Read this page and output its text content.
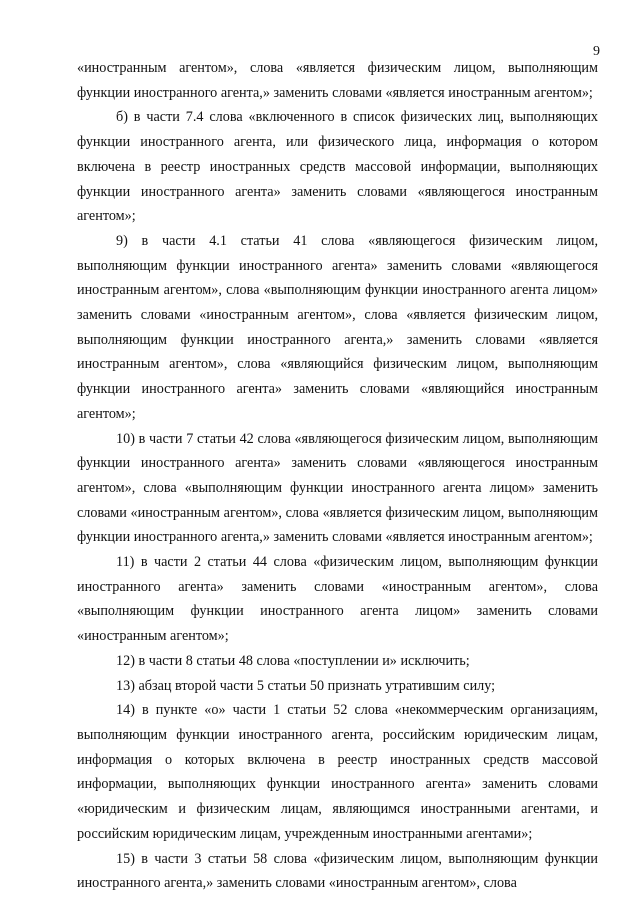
9

«иностранным агентом», слова «является физическим лицом, выполняющим функции иностранного агента,» заменить словами «является иностранным агентом»;

б) в части 7.4 слова «включенного в список физических лиц, выполняющих функции иностранного агента, или физического лица, информация о котором включена в реестр иностранных средств массовой информации, выполняющих функции иностранного агента» заменить словами «являющегося иностранным агентом»;

9) в части 4.1 статьи 41 слова «являющегося физическим лицом, выполняющим функции иностранного агента» заменить словами «являющегося иностранным агентом», слова «выполняющим функции иностранного агента лицом» заменить словами «иностранным агентом», слова «является физическим лицом, выполняющим функции иностранного агента,» заменить словами «является иностранным агентом», слова «являющийся физическим лицом, выполняющим функции иностранного агента» заменить словами «являющийся иностранным агентом»;

10) в части 7 статьи 42 слова «являющегося физическим лицом, выполняющим функции иностранного агента» заменить словами «являющегося иностранным агентом», слова «выполняющим функции иностранного агента лицом» заменить словами «иностранным агентом», слова «является физическим лицом, выполняющим функции иностранного агента,» заменить словами «является иностранным агентом»;

11) в части 2 статьи 44 слова «физическим лицом, выполняющим функции иностранного агента» заменить словами «иностранным агентом», слова «выполняющим функции иностранного агента лицом» заменить словами «иностранным агентом»;

12) в части 8 статьи 48 слова «поступлении и» исключить;

13) абзац второй части 5 статьи 50 признать утратившим силу;

14) в пункте «о» части 1 статьи 52 слова «некоммерческим организациям, выполняющим функции иностранного агента, российским юридическим лицам, информация о которых включена в реестр иностранных средств массовой информации, выполняющих функции иностранного агента» заменить словами «юридическим и физическим лицам, являющимся иностранными агентами, и российским юридическим лицам, учрежденным иностранными агентами»;

15) в части 3 статьи 58 слова «физическим лицом, выполняющим функции иностранного агента,» заменить словами «иностранным агентом», слова
